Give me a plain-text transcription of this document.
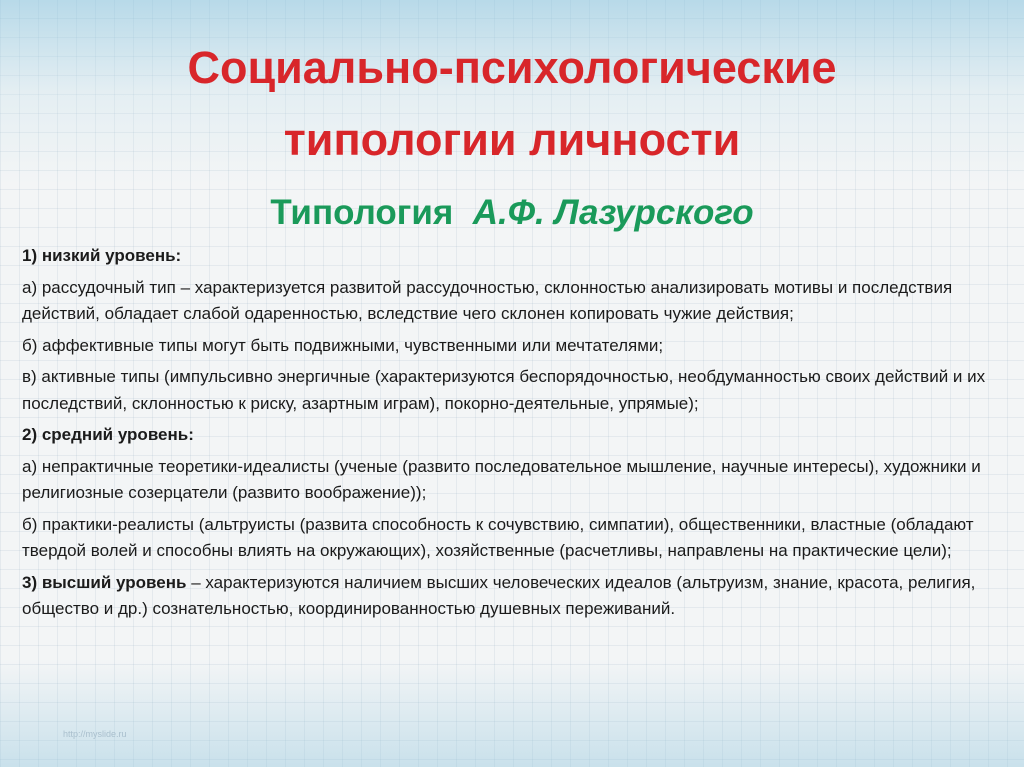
Социально-психологические
типологии личности
Типология А.Ф. Лазурского

1) низкий уровень:

а) рассудочный тип – характеризуется развитой рассудочностью, склонностью анализировать мотивы и последствия действий, обладает слабой одаренностью, вследствие чего склонен копировать чужие действия;

б) аффективные типы могут быть подвижными, чувственными или мечтателями;

в) активные типы (импульсивно энергичные (характеризуются беспорядочностью, необдуманностью своих действий и их последствий, склонностью к риску, азартным играм), покорно-деятельные, упрямые);

2) средний уровень:

а) непрактичные теоретики-идеалисты (ученые (развито последовательное мышление, научные интересы), художники и религиозные созерцатели (развито воображение));

б) практики-реалисты (альтруисты (развита способность к сочувствию, симпатии), общественники, властные (обладают твердой волей и способны влиять на окружающих), хозяйственные (расчетливы, направлены на практические цели);

3) высший уровень – характеризуются наличием высших человеческих идеалов (альтруизм, знание, красота, религия, общество и др.) сознательностью, координированностью душевных переживаний.

http://myslide.ru
